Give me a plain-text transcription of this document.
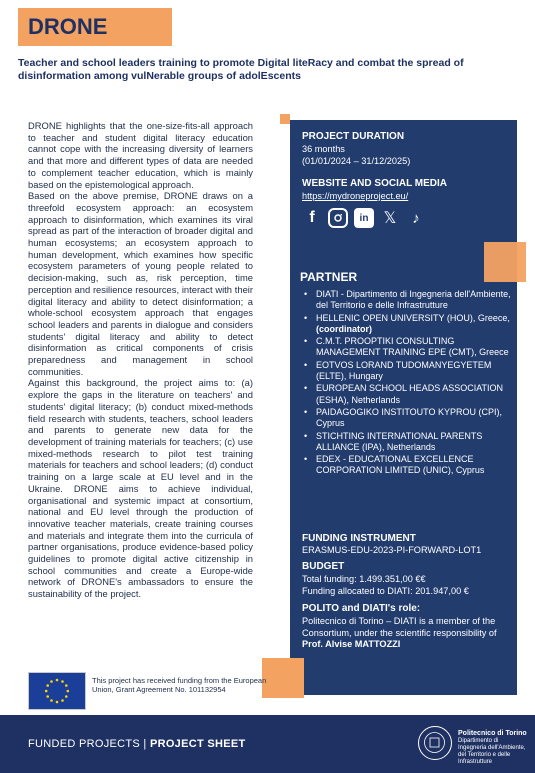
DRONE
Teacher and school leaders training to promote Digital liteRacy and combat the spread of disinformation among vulNerable groups of adolEscents

DRONE highlights that the one-size-fits-all approach to teacher and student digital literacy education cannot cope with the increasing diversity of learners and that more and different types of data are needed to complement teacher education, which is mainly based on the epistemological approach.

Based on the above premise, DRONE draws on a threefold ecosystem approach: an ecosystem approach to disinformation, which examines its viral spread as part of the interaction of broader digital and human ecosystems; an ecosystem approach to human development, which examines how specific ecosystem parameters of young people related to decision-making, such as, risk perception, time perception and resilience resources, interact with their digital literacy and ability to detect disinformation; a whole-school ecosystem approach that engages school leaders and parents in dialogue and considers students' digital literacy and ability to detect disinformation as critical components of crisis preparedness and management in school communities.

Against this background, the project aims to: (a) explore the gaps in the literature on teachers' and students' digital literacy; (b) conduct mixed-methods field research with students, teachers, school leaders and parents to generate new data for the development of training materials for teachers; (c) use mixed-methods research to pilot test training materials for teachers and school leaders; (d) conduct training on a large scale at EU level and in the Ukraine. DRONE aims to achieve individual, organisational and systemic impact at consortium, national and EU level through the production of innovative teacher materials, create training courses and materials and integrate them into the curricula of partner organisations, produce evidence-based policy guidelines to promote digital active citizenship in school communities and create a Europe-wide network of DRONE's ambassadors to ensure the sustainability of the project.

PROJECT DURATION
36 months
(01/01/2024 – 31/12/2025)
WEBSITE AND SOCIAL MEDIA
https://mydroneproject.eu/
f	in 𝕏	♪
PARTNER
• DIATI - Dipartimento di Ingegneria dell'Ambiente, del Territorio e delle Infrastrutture
• HELLENIC OPEN UNIVERSITY (HOU), Greece,
(coordinator)
• C.M.T. PROOPTIKI CONSULTING MANAGEMENT TRAINING EPE (CMT), Greece
• EOTVOS LORAND TUDOMANYEGYETEM (ELTE), Hungary
• EUROPEAN SCHOOL HEADS ASSOCIATION (ESHA), Netherlands
• PAIDAGOGIKO INSTITOUTO KYPROU (CPI), Cyprus
• STICHTING INTERNATIONAL PARENTS ALLIANCE (IPA), Netherlands
• EDEX - EDUCATIONAL EXCELLENCE CORPORATION LIMITED (UNIC), Cyprus
FUNDING INSTRUMENT
ERASMUS-EDU-2023-PI-FORWARD-LOT1
BUDGET
Total funding: 1.499.351,00 €€
Funding allocated to DIATI: 201.947,00 €
POLITO and DIATI's role:
Politecnico di Torino – DIATI is a member of the Consortium, under the scientific responsibility of Prof. Alvise MATTOZZI
This project has received funding from the European Union, Grant Agreement No. 101132954
FUNDED PROJECTS | PROJECT SHEET
Politecnico di Torino
Dipartimento di Ingegneria dell'Ambiente, del Territorio e delle Infrastrutture
